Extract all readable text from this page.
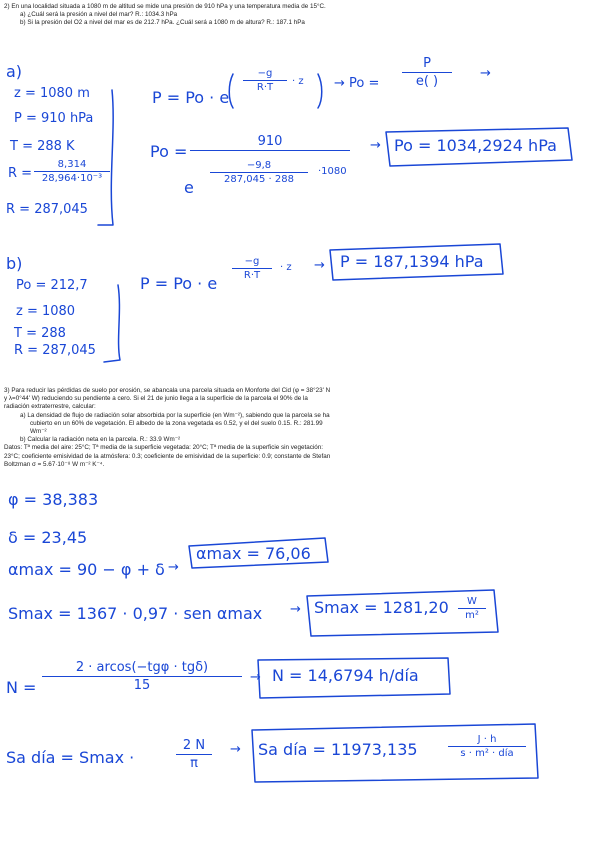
2) En una localidad situada a 1080 m de altitud se mide una presión de 910 hPa y una temperatura media de 15°C.

a) ¿Cuál será la presión a nivel del mar? R.: 1034.3 hPa

b) Si la presión del O2 a nivel del mar es de 212.7 hPa. ¿Cuál será a 1080 m de altura? R.: 187.1 hPa

a)
z = 1080 m
P = 910 hPa
T = 288 K
R =
8,314
28,964·10⁻³
R = 287,045
P = Po · e
−g
R·T
· z → Po =
P
e( )
→
Po =
910
e
−9,8
287,045 · 288
·1080
→ Po = 1034,2924 hPa
b)
Po = 212,7
z = 1080
T = 288
R = 287,045
P = Po · e
−g
R·T
· z → P = 187,1394 hPa

3) Para reducir las pérdidas de suelo por erosión, se abancala una parcela situada en Monforte del Cid (φ = 38°23' N y λ=0°44' W) reduciendo su pendiente a cero. Si el 21 de junio llega a la superficie de la parcela el 90% de la radiación extraterrestre, calcular:

a) La densidad de flujo de radiación solar absorbida por la superficie (en Wm⁻²), sabiendo que la parcela se ha cubierto en un 60% de vegetación. El albedo de la zona vegetada es 0.52, y el del suelo 0.15. R.: 281.99 Wm⁻²

b) Calcular la radiación neta en la parcela. R.: 33.9 Wm⁻²

Datos: Tª media del aire: 25°C; Tª media de la superficie vegetada: 20°C; Tª media de la superficie sin vegetación: 23°C; coeficiente emisividad de la atmósfera: 0.3; coeficiente de emisividad de la superficie: 0.9; constante de Stefan Boltzman σ = 5.67·10⁻⁸ W m⁻² K⁻⁴.

φ = 38,383
δ = 23,45
αmax = 90 − φ + δ →
αmax = 76,06
Smax = 1367 · 0,97 · sen αmax → Smax = 1281,20 W
m²
N =
2 · arcos(−tgφ · tgδ)
15
→ N = 14,6794 h/día
Sa día = Smax ·
2 N
π
→ Sa día = 11973,135
J · h
s · m² · día
